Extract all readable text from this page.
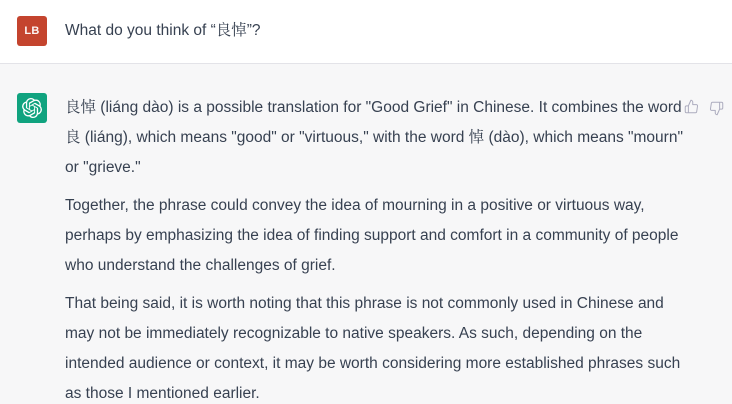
LB	What do you think of “良悼”?

良悼 (liáng dào) is a possible translation for "Good Grief" in Chinese. It combines the word 良 (liáng), which means "good" or "virtuous," with the word 悼 (dào), which means "mourn" or "grieve."

Together, the phrase could convey the idea of mourning in a positive or virtuous way, perhaps by emphasizing the idea of finding support and comfort in a community of people who understand the challenges of grief.

That being said, it is worth noting that this phrase is not commonly used in Chinese and may not be immediately recognizable to native speakers. As such, depending on the intended audience or context, it may be worth considering more established phrases such as those I mentioned earlier.
